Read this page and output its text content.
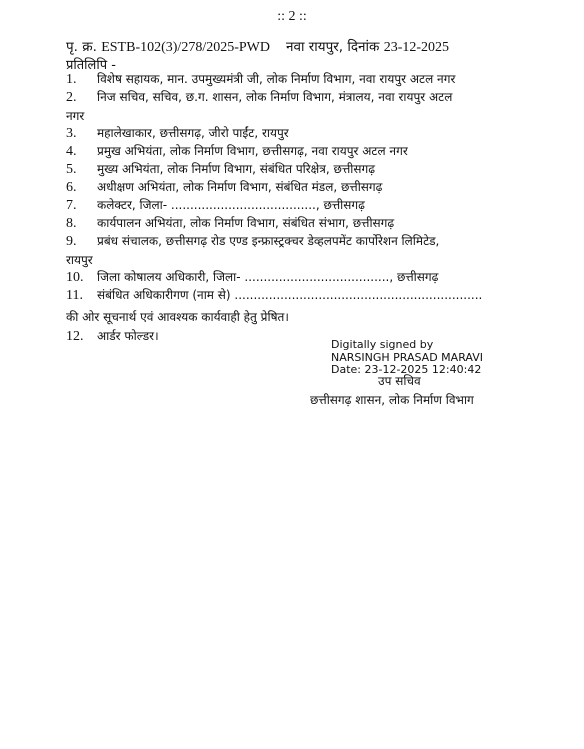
:: 2 ::
पृ. क्र. ESTB-102(3)/278/2025-PWD नवा रायपुर, दिनांक 23-12-2025
प्रतिलिपि -
1. विशेष सहायक, मान. उपमुख्यमंत्री जी, लोक निर्माण विभाग, नवा रायपुर अटल नगर
2. निज सचिव, सचिव, छ.ग. शासन, लोक निर्माण विभाग, मंत्रालय, नवा रायपुर अटल
नगर
3. महालेखाकार, छत्तीसगढ़, जीरो पाईंट, रायपुर
4. प्रमुख अभियंता, लोक निर्माण विभाग, छत्तीसगढ़, नवा रायपुर अटल नगर
5. मुख्य अभियंता, लोक निर्माण विभाग, संबंधित परिक्षेत्र, छत्तीसगढ़
6. अधीक्षण अभियंता, लोक निर्माण विभाग, संबंधित मंडल, छत्तीसगढ़
7. कलेक्टर, जिला- ......................................, छत्तीसगढ़
8. कार्यपालन अभियंता, लोक निर्माण विभाग, संबंधित संभाग, छत्तीसगढ़
9. प्रबंध संचालक, छत्तीसगढ़ रोड एण्ड इन्फ्रास्ट्रक्चर डेव्हलपमेंट कार्पोरेशन लिमिटेड,
रायपुर
10. जिला कोषालय अधिकारी, जिला- ......................................, छत्तीसगढ़
11. संबंधित अधिकारीगण (नाम से) .................................................................
की ओर सूचनार्थ एवं आवश्यक कार्यवाही हेतु प्रेषित।
12. आर्डर फोल्डर।
Digitally signed by
NARSINGH PRASAD MARAVI
Date: 23-12-2025 12:40:42
उप सचिव
छत्तीसगढ़ शासन, लोक निर्माण विभाग
